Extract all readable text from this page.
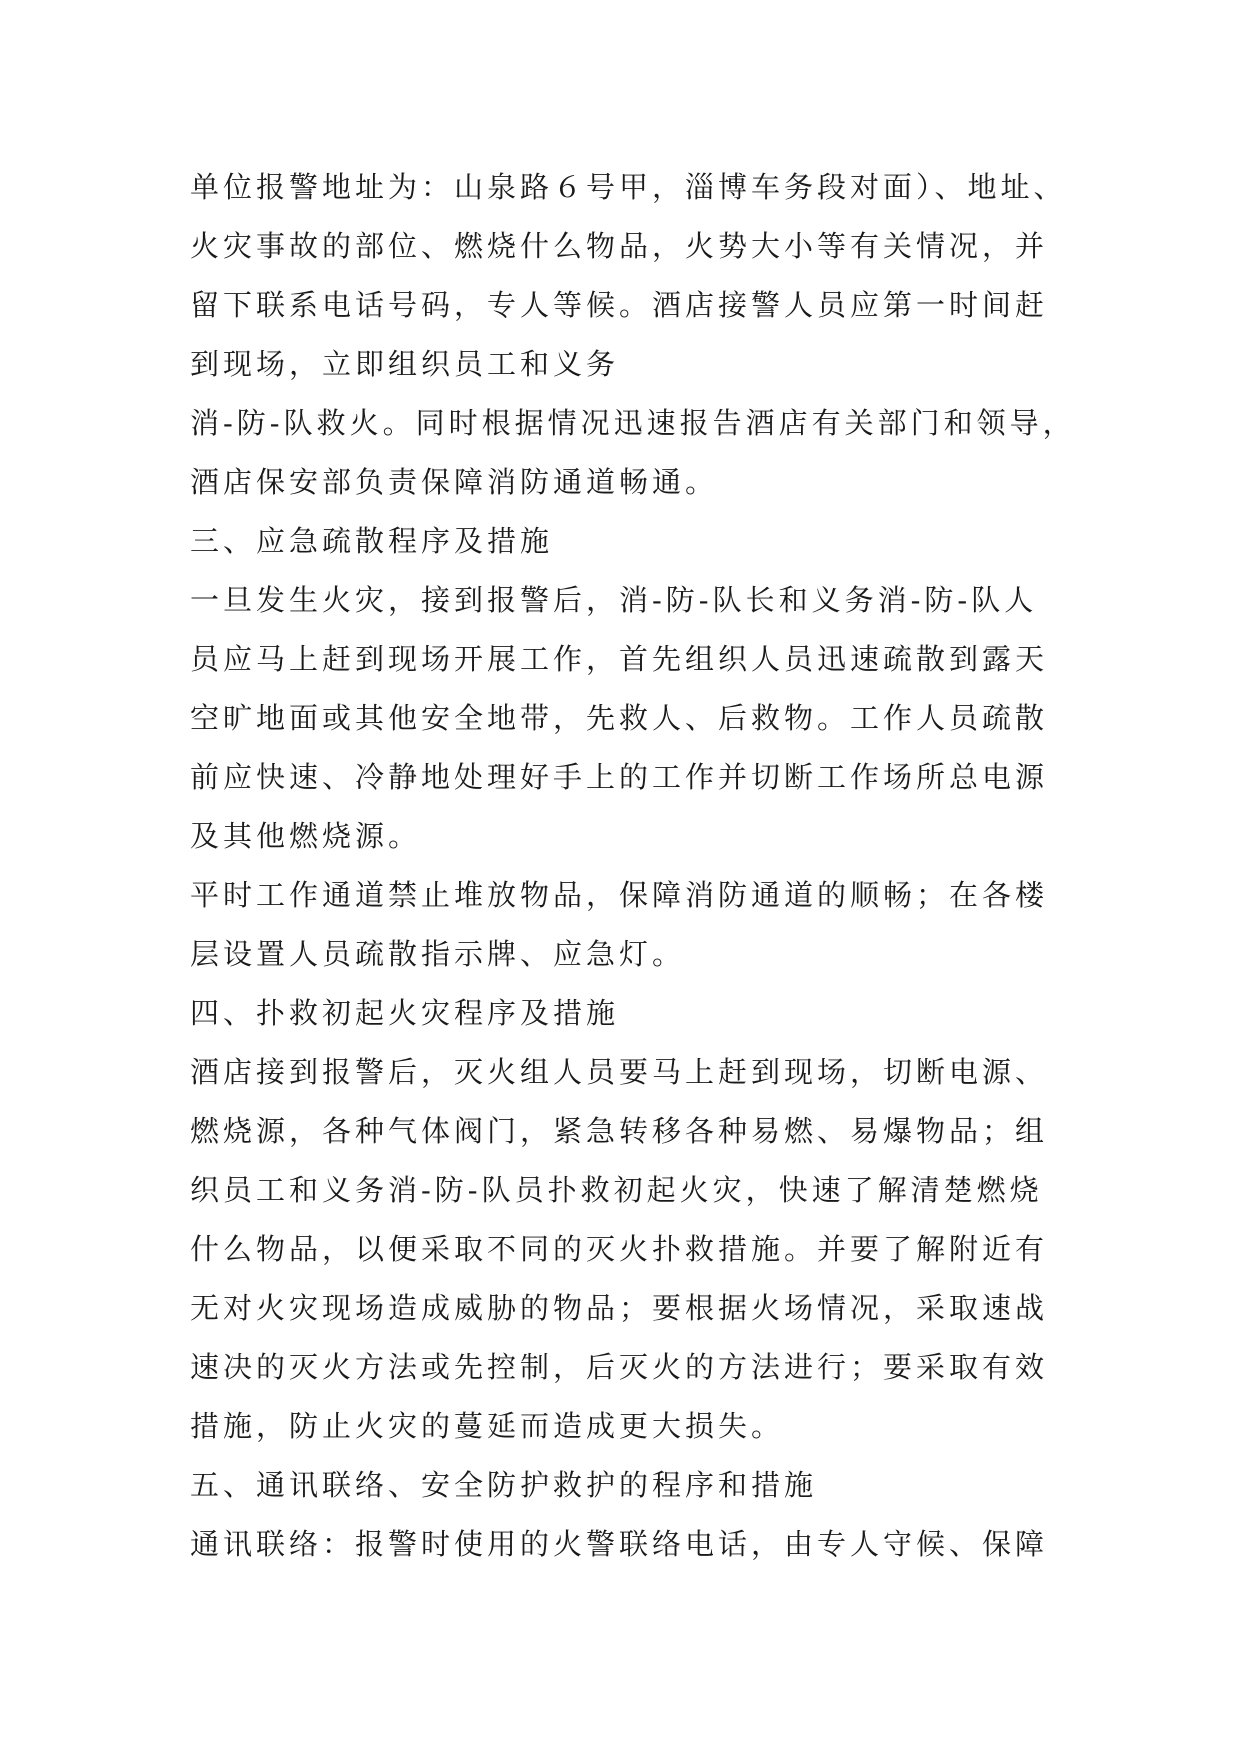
单位报警地址为：山泉路６号甲，淄博车务段对面）、地址、
火灾事故的部位、燃烧什么物品，火势大小等有关情况，并
留下联系电话号码，专人等候。酒店接警人员应第一时间赶
到现场，立即组织员工和义务
消-防-队救火。同时根据情况迅速报告酒店有关部门和领导，
酒店保安部负责保障消防通道畅通。
三、应急疏散程序及措施
一旦发生火灾，接到报警后，消-防-队长和义务消-防-队人
员应马上赶到现场开展工作，首先组织人员迅速疏散到露天
空旷地面或其他安全地带，先救人、后救物。工作人员疏散
前应快速、冷静地处理好手上的工作并切断工作场所总电源
及其他燃烧源。
平时工作通道禁止堆放物品，保障消防通道的顺畅；在各楼
层设置人员疏散指示牌、应急灯。
四、扑救初起火灾程序及措施
酒店接到报警后，灭火组人员要马上赶到现场，切断电源、
燃烧源，各种气体阀门，紧急转移各种易燃、易爆物品；组
织员工和义务消-防-队员扑救初起火灾，快速了解清楚燃烧
什么物品，以便采取不同的灭火扑救措施。并要了解附近有
无对火灾现场造成威胁的物品；要根据火场情况，采取速战
速决的灭火方法或先控制，后灭火的方法进行；要采取有效
措施，防止火灾的蔓延而造成更大损失。
五、通讯联络、安全防护救护的程序和措施
通讯联络：报警时使用的火警联络电话，由专人守候、保障
